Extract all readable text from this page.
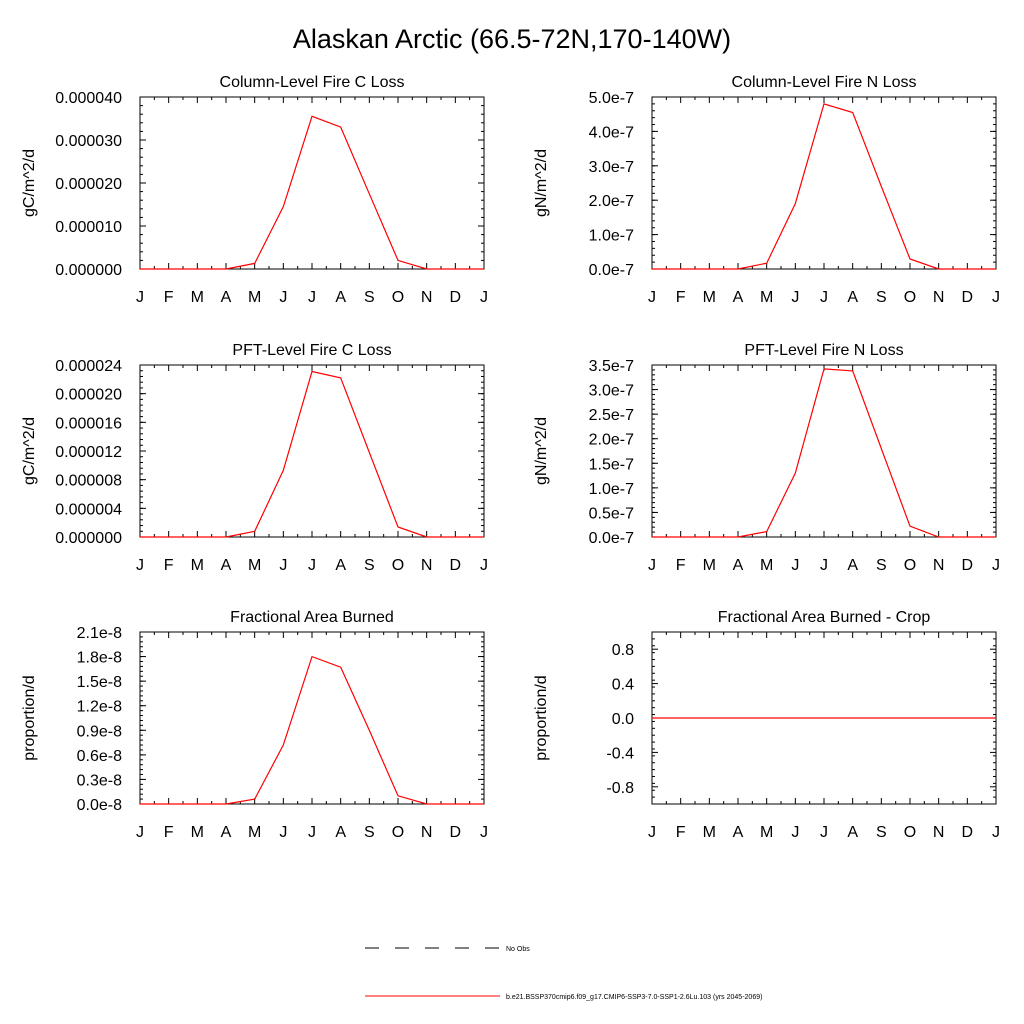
Alaskan Arctic (66.5-72N,170-140W)
Column-Level Fire C Loss
gC/m^2/d
J F M A M J J A S O N D J
0.000000
0.000010
0.000020
0.000030
0.000040
Column-Level Fire N Loss
gN/m^2/d
J F M A M J J A S O N D J
0.0e-7
1.0e-7
2.0e-7
3.0e-7
4.0e-7
5.0e-7
PFT-Level Fire C Loss
gC/m^2/d
J F M A M J J A S O N D J
0.000000
0.000004
0.000008
0.000012
0.000016
0.000020
0.000024
PFT-Level Fire N Loss
gN/m^2/d
J F M A M J J A S O N D J
0.0e-7
0.5e-7
1.0e-7
1.5e-7
2.0e-7
2.5e-7
3.0e-7
3.5e-7
Fractional Area Burned
proportion/d
J F M A M J J A S O N D J
0.0e-8
0.3e-8
0.6e-8
0.9e-8
1.2e-8
1.5e-8
1.8e-8
2.1e-8
Fractional Area Burned - Crop
proportion/d
J F M A M J J A S O N D J
-0.8
-0.4
0.0
0.4
0.8
No Obs
b.e21.BSSP370cmip6.f09_g17.CMIP6-SSP3-7.0-SSP1-2.6Lu.103 (yrs 2045-2069)
